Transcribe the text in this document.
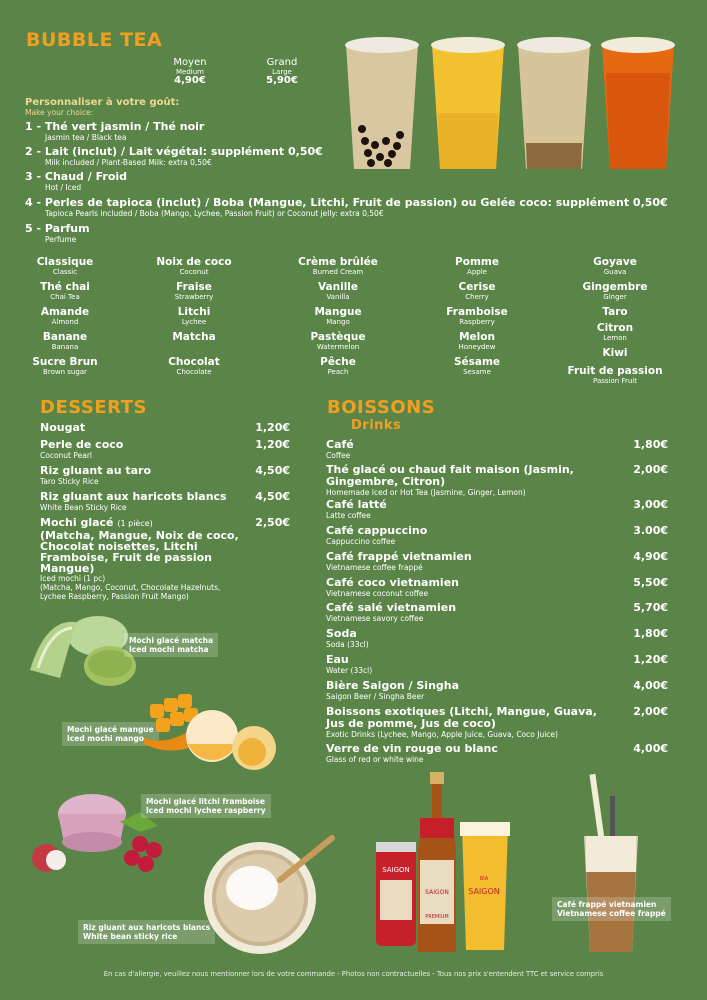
BUBBLE TEA
Moyen
Medium
4,90€
Grand
Large
5,90€
Personnaliser à votre goût:
Make your choice:
1 - Thé vert jasmin / Thé noir
Jasmin tea / Black tea
2 - Lait (inclut) / Lait végétal: supplément 0,50€
Milk included / Plant-Based Milk: extra 0,50€
3 - Chaud / Froid
Hot / Iced
4 - Perles de tapioca (inclut) / Boba (Mangue, Litchi, Fruit de passion) ou Gelée coco: supplément 0,50€
Tapioca Pearls included / Boba (Mango, Lychee, Passion Fruit) or Coconut jelly: extra 0,50€
5 - Parfum
Perfume
Classique
Classic
Thé chai
Chai Tea
Amande
Almond
Banane
Banana
Sucre Brun
Brown sugar
Noix de coco
Coconut
Fraise
Strawberry
Litchi
Lychee
Matcha
Chocolat
Chocolate
Crème brûlée
Burned Cream
Vanille
Vanilla
Mangue
Mango
Pastèque
Watermelon
Pêche
Peach
Pomme
Apple
Cerise
Cherry
Framboise
Raspberry
Melon
Honeydew
Sésame
Sesame
Goyave
Guava
Gingembre
Ginger
Taro
Citron
Lemon
Kiwi
Fruit de passion
Passion Fruit
DESSERTS
Nougat	1,20€
Perle de coco
Coconut Pearl
1,20€
Riz gluant au taro
Taro Sticky Rice
4,50€
Riz gluant aux haricots blancs
White Bean Sticky Rice
4,50€
Mochi glacé (1 pièce)
(Matcha, Mangue, Noix de coco, Chocolat noisettes, Litchi Framboise, Fruit de passion Mangue)
Iced mochi (1 pc)
(Matcha, Mango, Coconut, Chocolate Hazelnuts, Lychee Raspberry, Passion Fruit Mango)
2,50€
Mochi glacé matcha
Iced mochi matcha
Mochi glacé mangue
Iced mochi mango
Mochi glacé litchi framboise
Iced mochi lychee raspberry
Riz gluant aux haricots blancs
White bean sticky rice
BOISSONS
Drinks
Café
Coffee
1,80€
Thé glacé ou chaud fait maison (Jasmin, Gingembre, Citron)
Homemade Iced or Hot Tea (Jasmine, Ginger, Lemon)
2,00€
Café latté
Latte coffee
3,00€
Café cappuccino
Cappuccino coffee
3.00€
Café frappé vietnamien
Vietnamese coffee frappé
4,90€
Café coco vietnamien
Vietnamese coconut coffee
5,50€
Café salé vietnamien
Vietnamese savory coffee
5,70€
Soda
Soda (33cl)
1,80€
Eau
Water (33cl)
1,20€
Bière Saigon / Singha
Saigon Beer / Singha Beer
4,00€
Boissons exotiques (Litchi, Mangue, Guava, Jus de pomme, Jus de coco)
Exotic Drinks (Lychee, Mango, Apple Juice, Guava, Coco Juice)
2,00€
Verre de vin rouge ou blanc
Glass of red or white wine
4,00€
SAIGON
SAIGON
PREMIUM
BIA
SAIGON
Café frappé vietnamien
Vietnamese coffee frappé
En cas d'allergie, veuillez nous mentionner lors de votre commande - Photos non contractuelles - Tous nos prix s'entendent TTC et service compris
